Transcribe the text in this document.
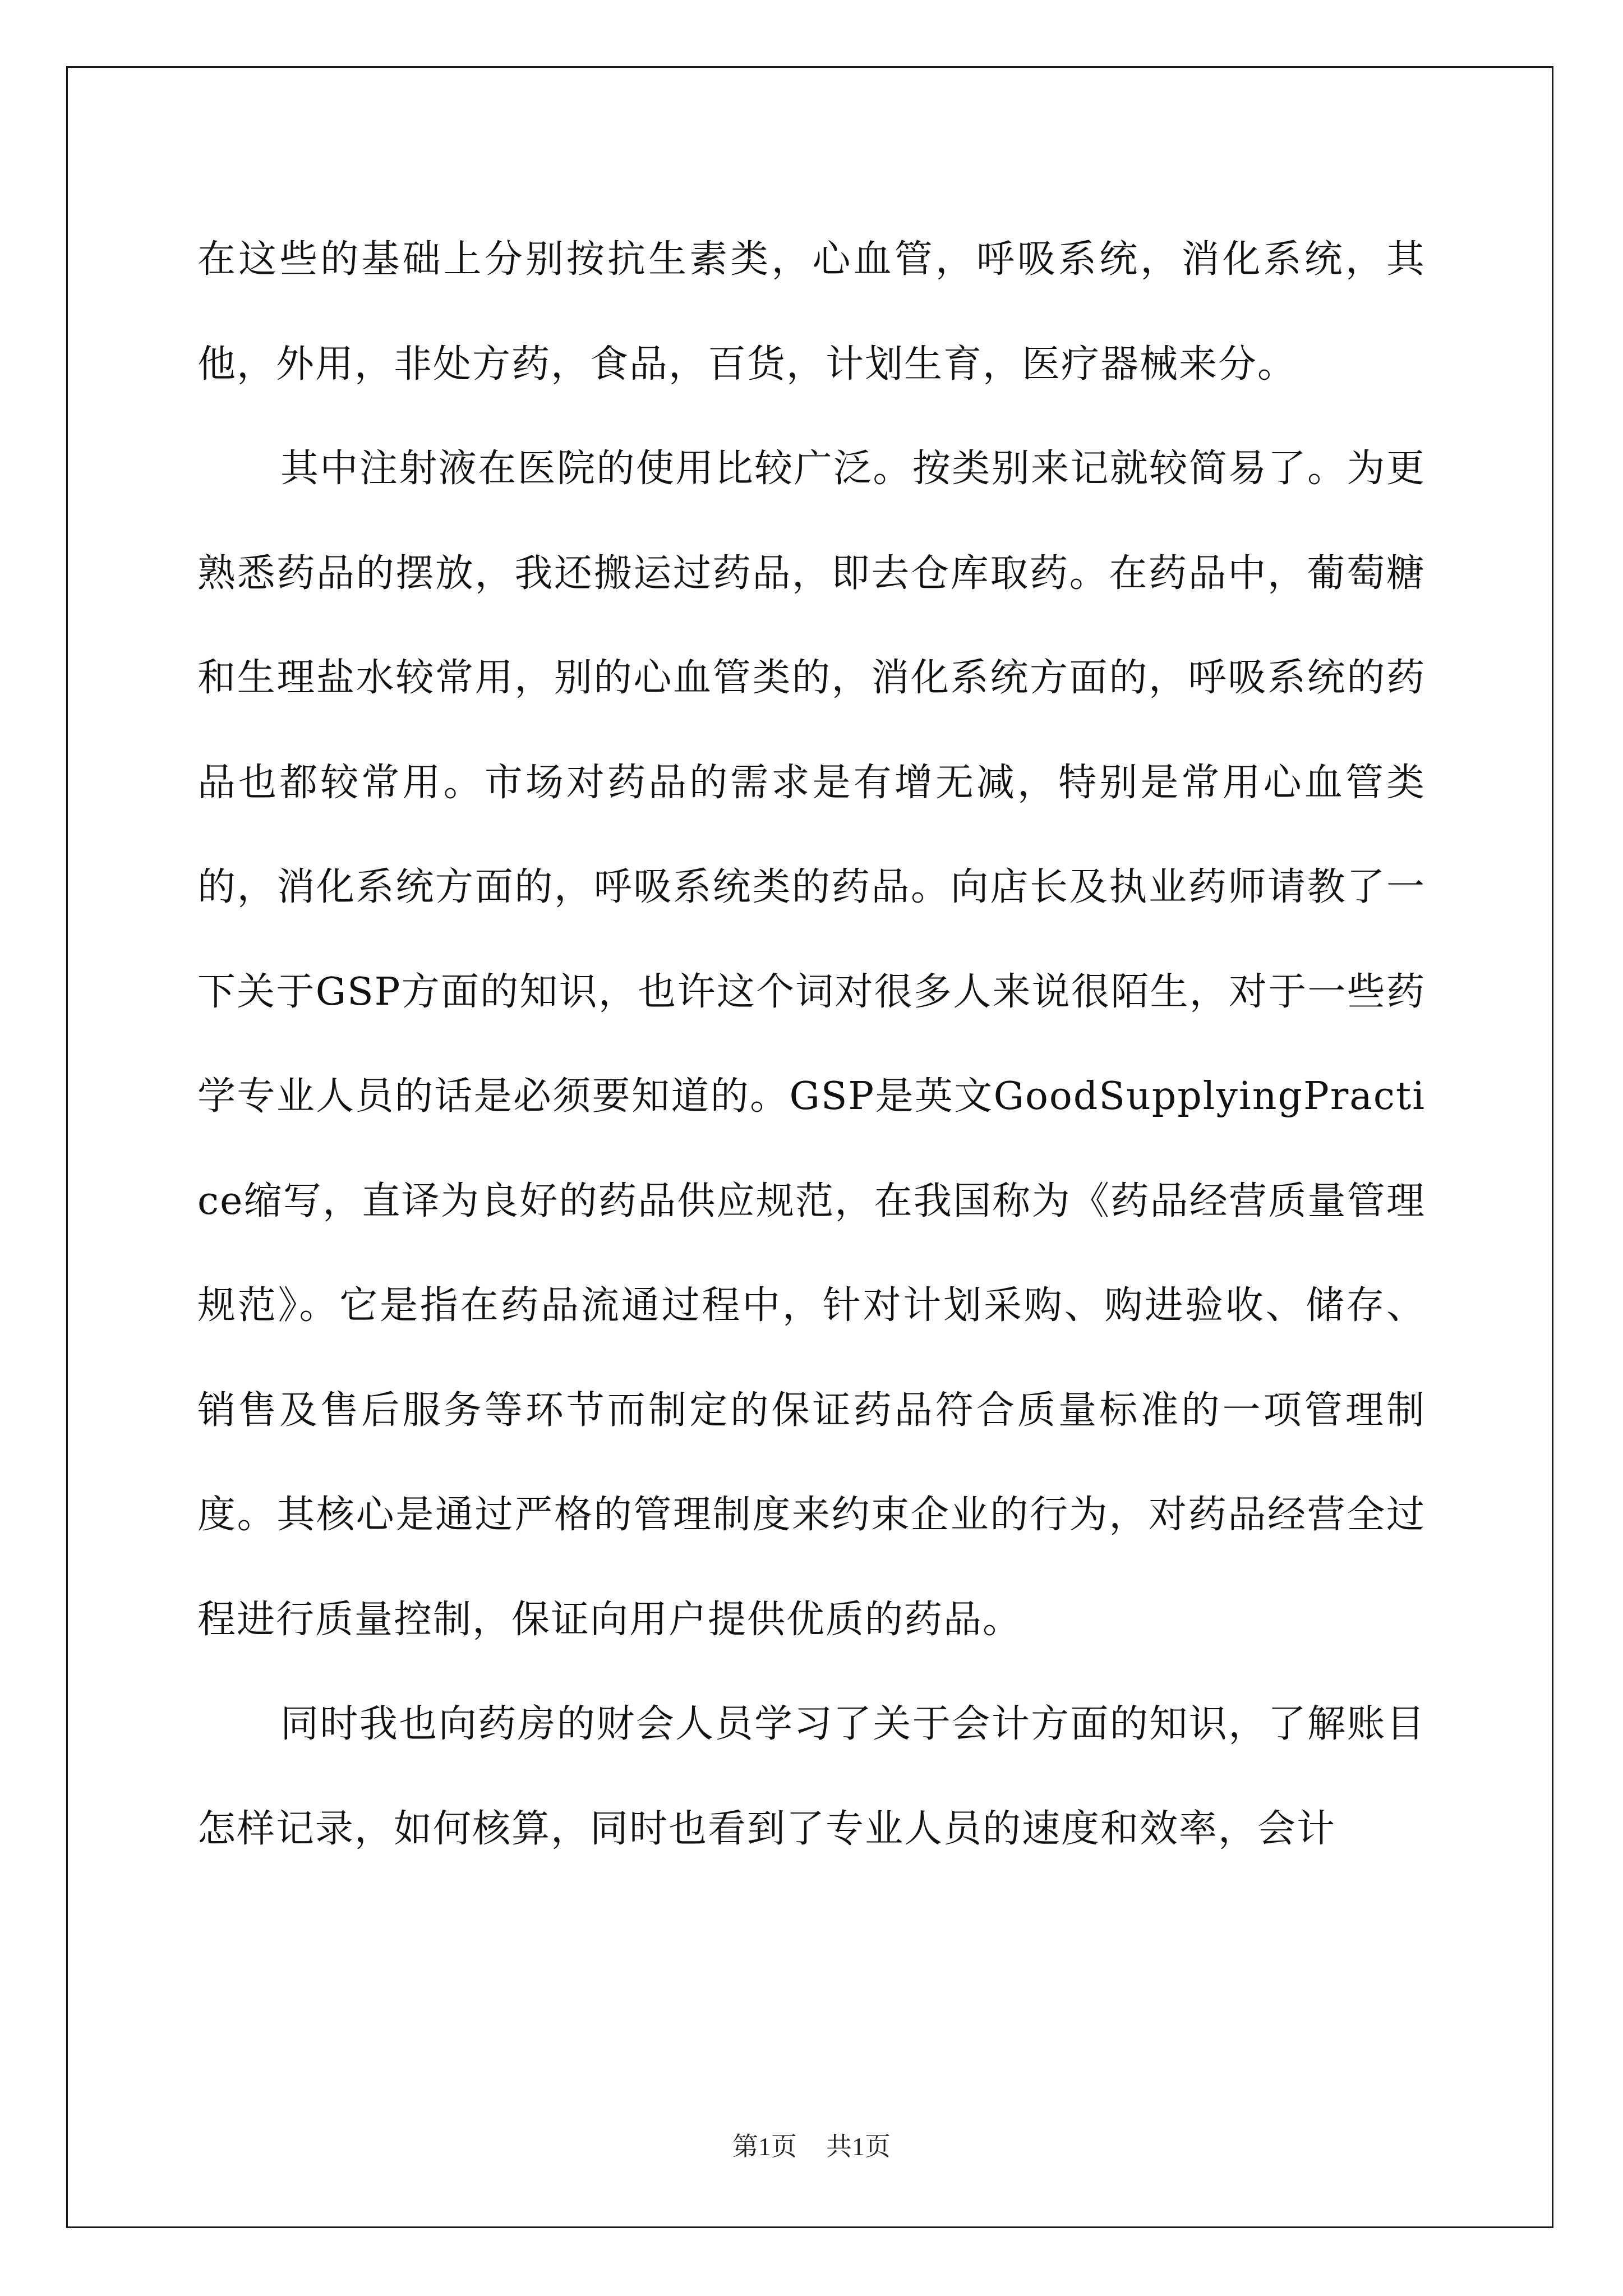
在这些的基础上分别按抗生素类，心血管，呼吸系统，消化系统，其他，外用，非处方药，食品，百货，计划生育，医疗器械来分。

其中注射液在医院的使用比较广泛。按类别来记就较简易了。为更熟悉药品的摆放，我还搬运过药品，即去仓库取药。在药品中，葡萄糖和生理盐水较常用，别的心血管类的，消化系统方面的，呼吸系统的药品也都较常用。市场对药品的需求是有增无减，特别是常用心血管类的，消化系统方面的，呼吸系统类的药品。向店长及执业药师请教了一下关于GSP方面的知识，也许这个词对很多人来说很陌生，对于一些药学专业人员的话是必须要知道的。GSP是英文GoodSupplyingPractice缩写，直译为良好的药品供应规范，在我国称为《药品经营质量管理规范》。它是指在药品流通过程中，针对计划采购、购进验收、储存、销售及售后服务等环节而制定的保证药品符合质量标准的一项管理制度。其核心是通过严格的管理制度来约束企业的行为，对药品经营全过程进行质量控制，保证向用户提供优质的药品。

同时我也向药房的财会人员学习了关于会计方面的知识，了解账目怎样记录，如何核算，同时也看到了专业人员的速度和效率，会计

第1页 共1页
